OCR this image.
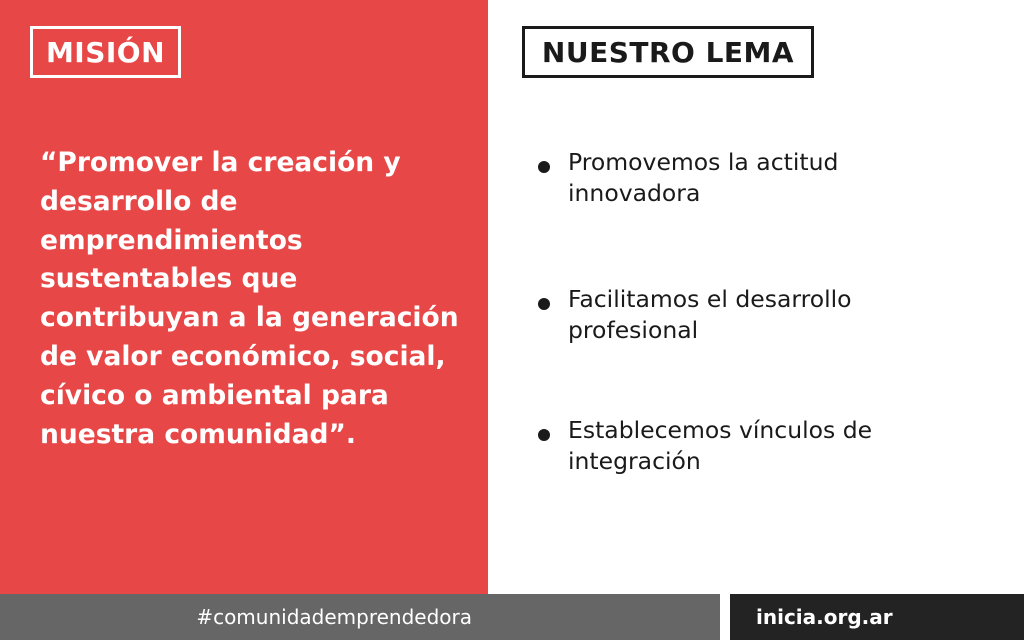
MISIÓN

“Promover la creación y desarrollo de emprendimientos sustentables que contribuyan a la generación de valor económico, social, cívico o ambiental para nuestra comunidad”.

NUESTRO LEMA
Promovemos la actitud innovadora
Facilitamos el desarrollo profesional
Establecemos vínculos de integración
#comunidademprendedora	inicia.org.ar
